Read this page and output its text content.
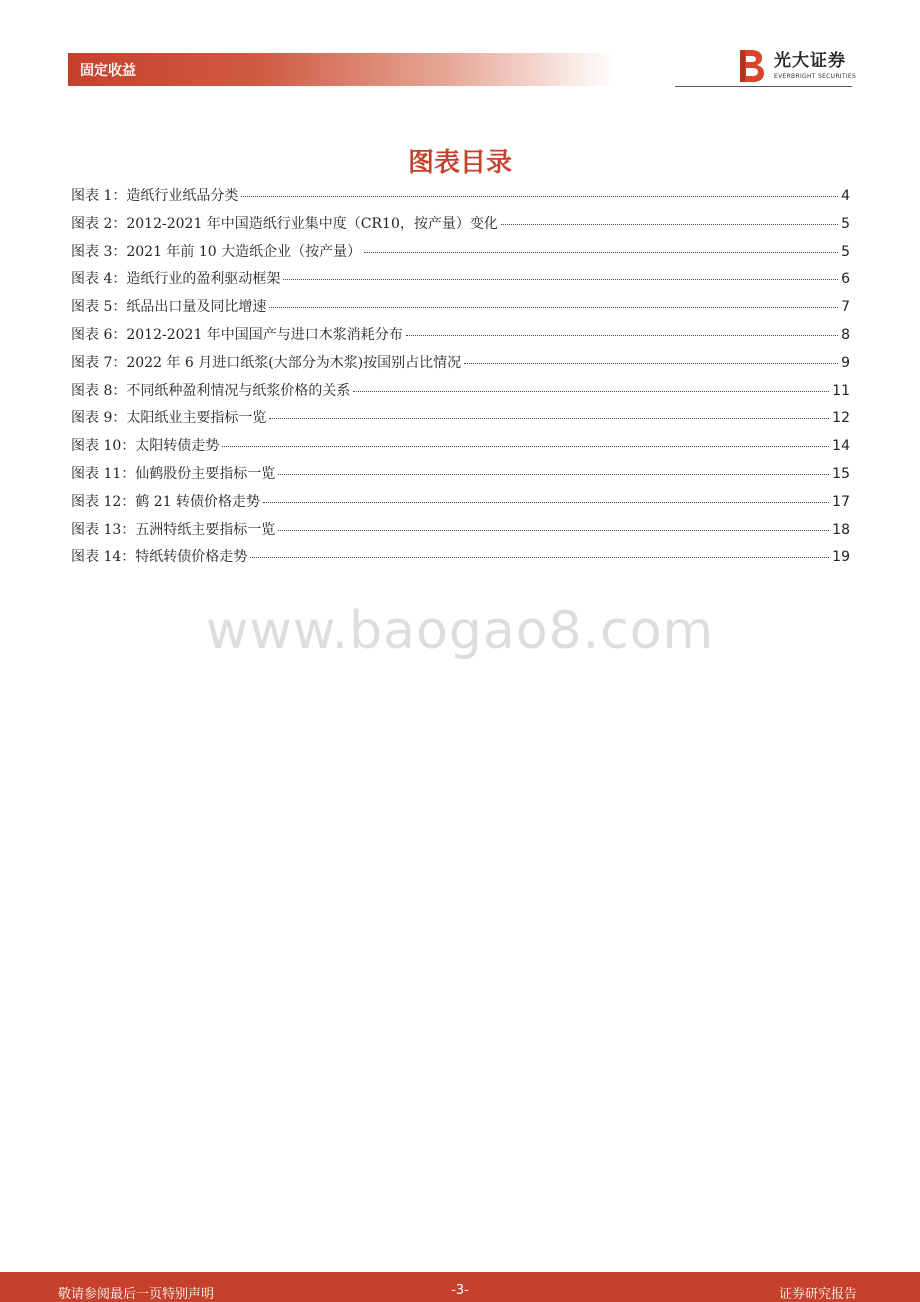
固定收益
光大证券
EVERBRIGHT SECURITIES
图表目录
图表 1：造纸行业纸品分类	4
图表 2：2012-2021 年中国造纸行业集中度（CR10，按产量）变化	5
图表 3：2021 年前 10 大造纸企业（按产量）	5
图表 4：造纸行业的盈利驱动框架	6
图表 5：纸品出口量及同比增速	7
图表 6：2012-2021 年中国国产与进口木浆消耗分布	8
图表 7：2022 年 6 月进口纸浆(大部分为木浆)按国别占比情况	9
图表 8：不同纸种盈利情况与纸浆价格的关系	11
图表 9：太阳纸业主要指标一览	12
图表 10：太阳转债走势	14
图表 11：仙鹤股份主要指标一览	15
图表 12：鹤 21 转债价格走势	17
图表 13：五洲特纸主要指标一览	18
图表 14：特纸转债价格走势	19
www.baogao8.com
敬请参阅最后一页特别声明	-3-	证券研究报告
